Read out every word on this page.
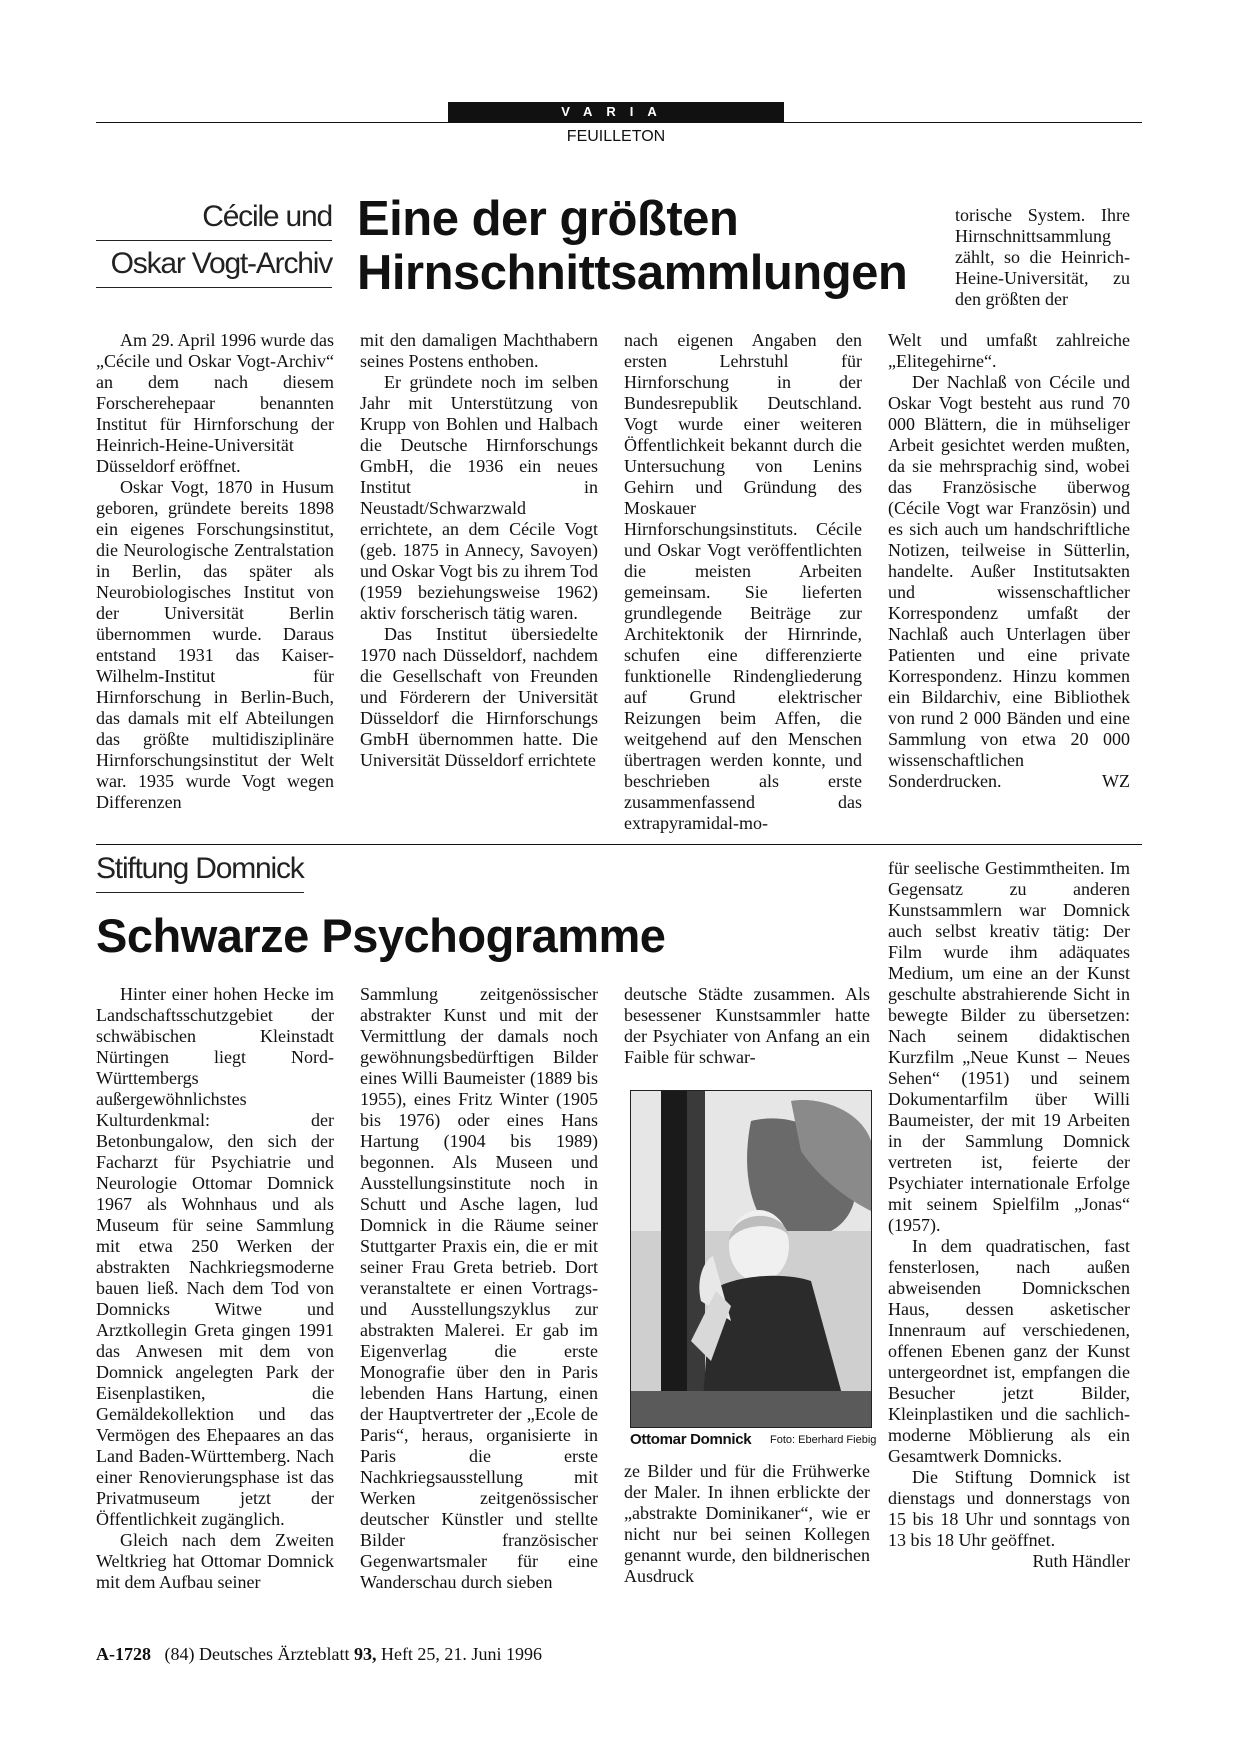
VARIA
FEUILLETON
Cécile und
Oskar Vogt-Archiv
Eine der größten
Hirnschnittsammlungen

Am 29. April 1996 wurde das „Cécile und Oskar Vogt-Archiv“ an dem nach diesem Forscherehepaar benannten Institut für Hirnforschung der Heinrich-Heine-Universität Düsseldorf eröffnet.

Oskar Vogt, 1870 in Husum geboren, gründete bereits 1898 ein eigenes Forschungsinstitut, die Neurologische Zentralstation in Berlin, das später als Neurobiologisches Institut von der Universität Berlin übernommen wurde. Daraus entstand 1931 das Kaiser-Wilhelm-Institut für Hirnforschung in Berlin-Buch, das damals mit elf Abteilungen das größte multidisziplinäre Hirnforschungsinstitut der Welt war. 1935 wurde Vogt wegen Differenzen

mit den damaligen Machthabern seines Postens enthoben.

Er gründete noch im selben Jahr mit Unterstützung von Krupp von Bohlen und Halbach die Deutsche Hirnforschungs GmbH, die 1936 ein neues Institut in Neustadt/Schwarzwald errichtete, an dem Cécile Vogt (geb. 1875 in Annecy, Savoyen) und Oskar Vogt bis zu ihrem Tod (1959 beziehungsweise 1962) aktiv forscherisch tätig waren.

Das Institut übersiedelte 1970 nach Düsseldorf, nachdem die Gesellschaft von Freunden und Förderern der Universität Düsseldorf die Hirnforschungs GmbH übernommen hatte. Die Universität Düsseldorf errichtete

nach eigenen Angaben den ersten Lehrstuhl für Hirnforschung in der Bundesrepublik Deutschland. Vogt wurde einer weiteren Öffentlichkeit bekannt durch die Untersuchung von Lenins Gehirn und Gründung des Moskauer Hirnforschungsinstituts. Cécile und Oskar Vogt veröffentlichten die meisten Arbeiten gemeinsam. Sie lieferten grundlegende Beiträge zur Architektonik der Hirnrinde, schufen eine differenzierte funktionelle Rindengliederung auf Grund elektrischer Reizungen beim Affen, die weitgehend auf den Menschen übertragen werden konnte, und beschrieben als erste zusammenfassend das extrapyramidal-mo-

torische System. Ihre Hirnschnittsammlung zählt, so die Heinrich-Heine-Universität, zu den größten der

Welt und umfaßt zahlreiche „Elitegehirne“.

Der Nachlaß von Cécile und Oskar Vogt besteht aus rund 70 000 Blättern, die in mühseliger Arbeit gesichtet werden mußten, da sie mehrsprachig sind, wobei das Französische überwog (Cécile Vogt war Französin) und es sich auch um handschriftliche Notizen, teilweise in Sütterlin, handelte. Außer Institutsakten und wissenschaftlicher Korrespondenz umfaßt der Nachlaß auch Unterlagen über Patienten und eine private Korrespondenz. Hinzu kommen ein Bildarchiv, eine Bibliothek von rund 2 000 Bänden und eine Sammlung von etwa 20 000 wissenschaftlichen Sonderdrucken.	WZ

Stiftung Domnick
Schwarze Psychogramme

Hinter einer hohen Hecke im Landschaftsschutzgebiet der schwäbischen Kleinstadt Nürtingen liegt Nord-Württembergs außergewöhnlichstes Kulturdenkmal: der Betonbungalow, den sich der Facharzt für Psychiatrie und Neurologie Ottomar Domnick 1967 als Wohnhaus und als Museum für seine Sammlung mit etwa 250 Werken der abstrakten Nachkriegsmoderne bauen ließ. Nach dem Tod von Domnicks Witwe und Arztkollegin Greta gingen 1991 das Anwesen mit dem von Domnick angelegten Park der Eisenplastiken, die Gemäldekollektion und das Vermögen des Ehepaares an das Land Baden-Württemberg. Nach einer Renovierungsphase ist das Privatmuseum jetzt der Öffentlichkeit zugänglich.

Gleich nach dem Zweiten Weltkrieg hat Ottomar Domnick mit dem Aufbau seiner

Sammlung zeitgenössischer abstrakter Kunst und mit der Vermittlung der damals noch gewöhnungsbedürftigen Bilder eines Willi Baumeister (1889 bis 1955), eines Fritz Winter (1905 bis 1976) oder eines Hans Hartung (1904 bis 1989) begonnen. Als Museen und Ausstellungsinstitute noch in Schutt und Asche lagen, lud Domnick in die Räume seiner Stuttgarter Praxis ein, die er mit seiner Frau Greta betrieb. Dort veranstaltete er einen Vortrags- und Ausstellungszyklus zur abstrakten Malerei. Er gab im Eigenverlag die erste Monografie über den in Paris lebenden Hans Hartung, einen der Hauptvertreter der „Ecole de Paris“, heraus, organisierte in Paris die erste Nachkriegsausstellung mit Werken zeitgenössischer deutscher Künstler und stellte Bilder französischer Gegenwartsmaler für eine Wanderschau durch sieben

deutsche Städte zusammen. Als besessener Kunstsammler hatte der Psychiater von Anfang an ein Faible für schwar-

Ottomar Domnick Foto: Eberhard Fiebig

ze Bilder und für die Frühwerke der Maler. In ihnen erblickte der „abstrakte Dominikaner“, wie er nicht nur bei seinen Kollegen genannt wurde, den bildnerischen Ausdruck

für seelische Gestimmtheiten. Im Gegensatz zu anderen Kunstsammlern war Domnick auch selbst kreativ tätig: Der Film wurde ihm adäquates Medium, um eine an der Kunst geschulte abstrahierende Sicht in bewegte Bilder zu übersetzen: Nach seinem didaktischen Kurzfilm „Neue Kunst – Neues Sehen“ (1951) und seinem Dokumentarfilm über Willi Baumeister, der mit 19 Arbeiten in der Sammlung Domnick vertreten ist, feierte der Psychiater internationale Erfolge mit seinem Spielfilm „Jonas“ (1957).

In dem quadratischen, fast fensterlosen, nach außen abweisenden Domnickschen Haus, dessen asketischer Innenraum auf verschiedenen, offenen Ebenen ganz der Kunst untergeordnet ist, empfangen die Besucher jetzt Bilder, Kleinplastiken und die sachlich-moderne Möblierung als ein Gesamtwerk Domnicks.

Die Stiftung Domnick ist dienstags und donnerstags von 15 bis 18 Uhr und sonntags von 13 bis 18 Uhr geöffnet.
Ruth Händler

A-1728 (84) Deutsches Ärzteblatt 93, Heft 25, 21. Juni 1996
